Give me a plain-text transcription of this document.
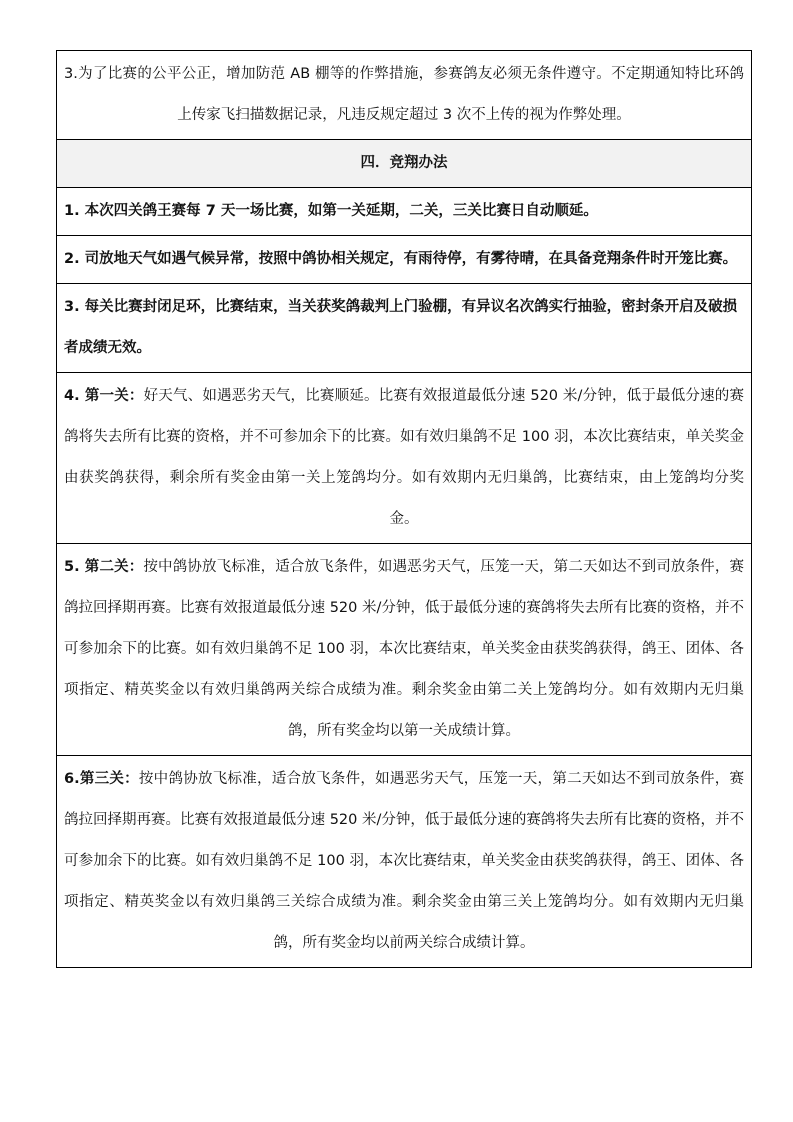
3.为了比赛的公平公正，增加防范 AB 棚等的作弊措施，参赛鸽友必须无条件遵守。不定期通知特比环鸽上传家飞扫描数据记录，凡违反规定超过 3 次不上传的视为作弊处理。
四．竞翔办法
1. 本次四关鸽王赛每 7 天一场比赛，如第一关延期，二关，三关比赛日自动顺延。
2. 司放地天气如遇气候异常，按照中鸽协相关规定，有雨待停，有雾待晴，在具备竞翔条件时开笼比赛。
3. 每关比赛封闭足环，比赛结束，当关获奖鸽裁判上门验棚，有异议名次鸽实行抽验，密封条开启及破损者成绩无效。
4. 第一关：好天气、如遇恶劣天气，比赛顺延。比赛有效报道最低分速 520 米/分钟，低于最低分速的赛鸽将失去所有比赛的资格，并不可参加余下的比赛。如有效归巢鸽不足 100 羽，本次比赛结束，单关奖金由获奖鸽获得，剩余所有奖金由第一关上笼鸽均分。如有效期内无归巢鸽，比赛结束，由上笼鸽均分奖金。
5. 第二关：按中鸽协放飞标准，适合放飞条件，如遇恶劣天气，压笼一天，第二天如达不到司放条件，赛鸽拉回择期再赛。比赛有效报道最低分速 520 米/分钟，低于最低分速的赛鸽将失去所有比赛的资格，并不可参加余下的比赛。如有效归巢鸽不足 100 羽，本次比赛结束，单关奖金由获奖鸽获得，鸽王、团体、各项指定、精英奖金以有效归巢鸽两关综合成绩为准。剩余奖金由第二关上笼鸽均分。如有效期内无归巢鸽，所有奖金均以第一关成绩计算。
6.第三关：按中鸽协放飞标准，适合放飞条件，如遇恶劣天气，压笼一天，第二天如达不到司放条件，赛鸽拉回择期再赛。比赛有效报道最低分速 520 米/分钟，低于最低分速的赛鸽将失去所有比赛的资格，并不可参加余下的比赛。如有效归巢鸽不足 100 羽，本次比赛结束，单关奖金由获奖鸽获得，鸽王、团体、各项指定、精英奖金以有效归巢鸽三关综合成绩为准。剩余奖金由第三关上笼鸽均分。如有效期内无归巢鸽，所有奖金均以前两关综合成绩计算。
